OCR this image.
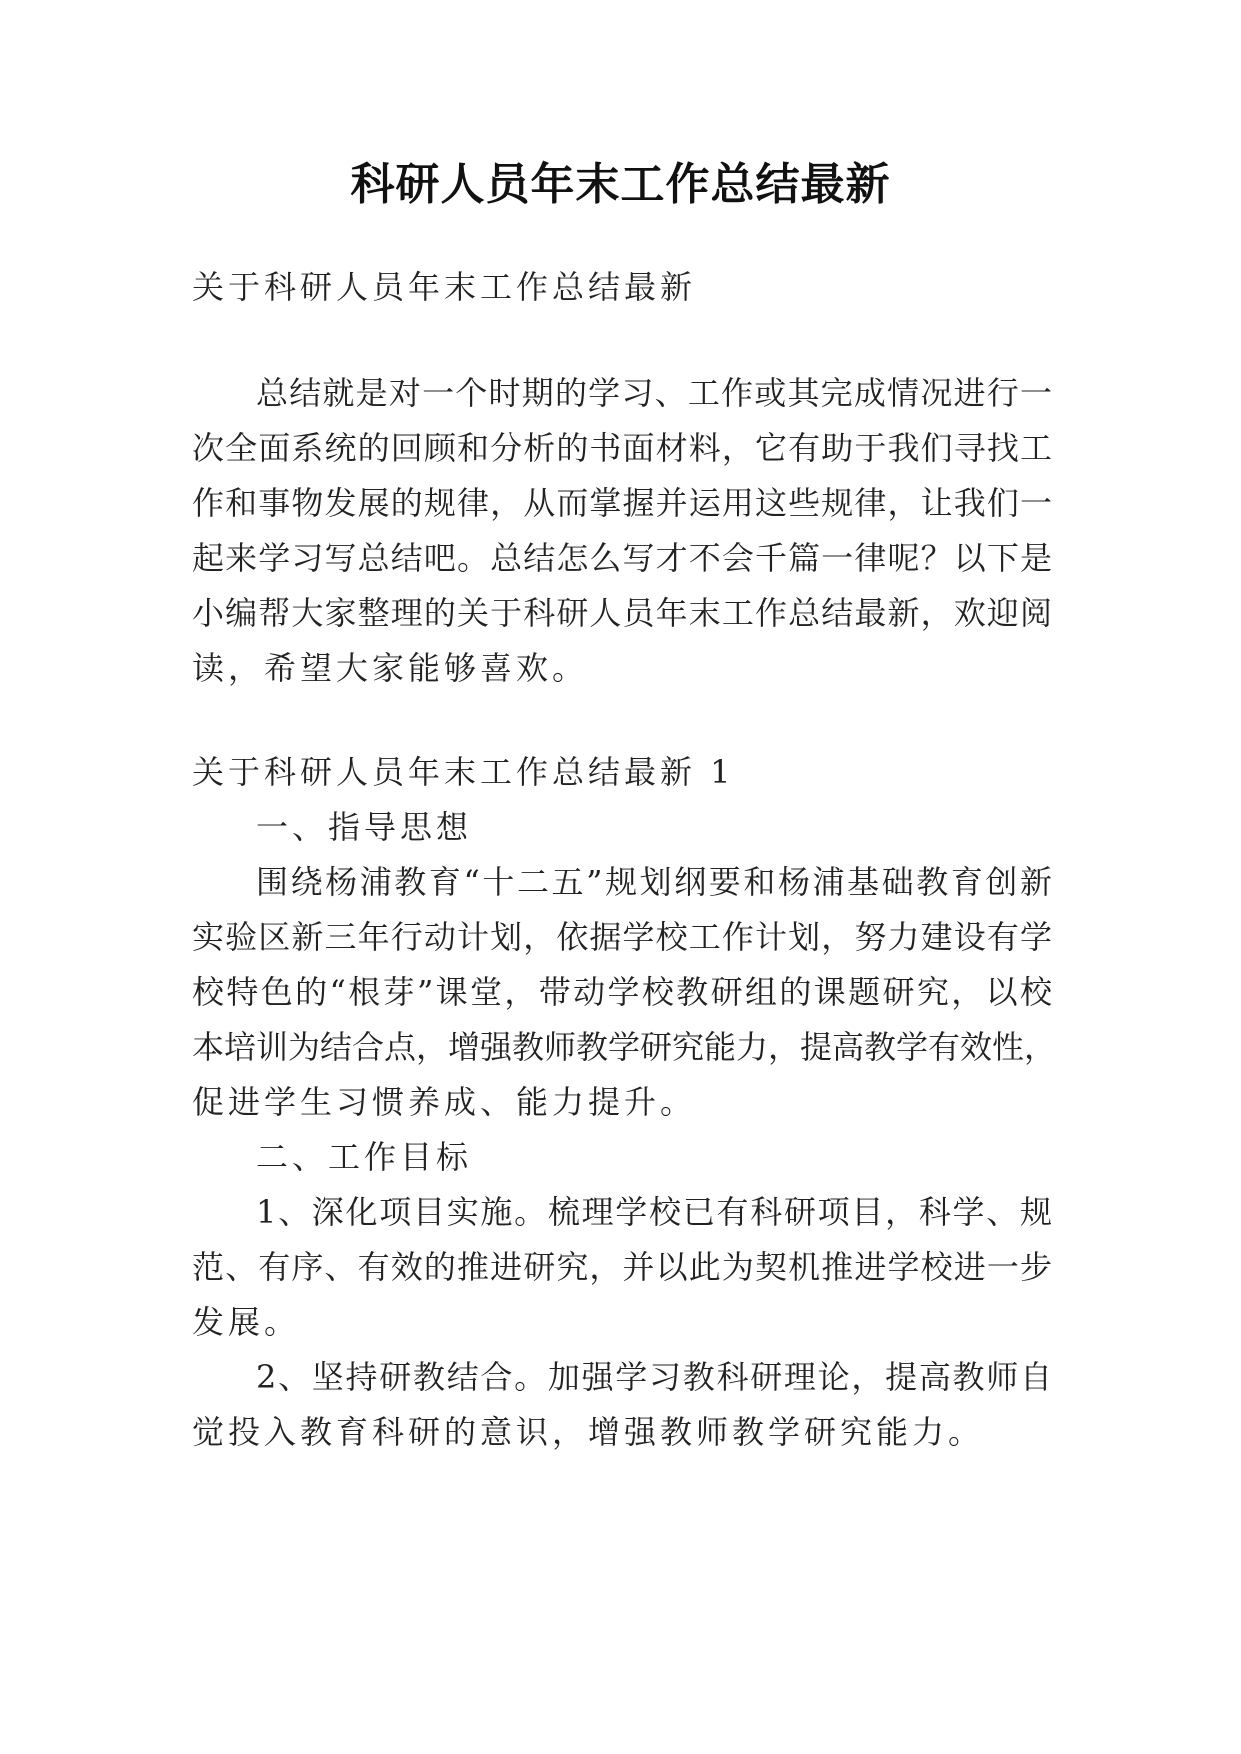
科研人员年末工作总结最新
关于科研人员年末工作总结最新
总结就是对一个时期的学习、工作或其完成情况进行一
次全面系统的回顾和分析的书面材料，它有助于我们寻找工
作和事物发展的规律，从而掌握并运用这些规律，让我们一
起来学习写总结吧。总结怎么写才不会千篇一律呢？以下是
小编帮大家整理的关于科研人员年末工作总结最新，欢迎阅
读，希望大家能够喜欢。
关于科研人员年末工作总结最新 1
一、指导思想
围绕杨浦教育“十二五”规划纲要和杨浦基础教育创新
实验区新三年行动计划，依据学校工作计划，努力建设有学
校特色的“根芽”课堂，带动学校教研组的课题研究，以校
本培训为结合点，增强教师教学研究能力，提高教学有效性，
促进学生习惯养成、能力提升。
二、工作目标
1、深化项目实施。梳理学校已有科研项目，科学、规
范、有序、有效的推进研究，并以此为契机推进学校进一步
发展。
2、坚持研教结合。加强学习教科研理论，提高教师自
觉投入教育科研的意识，增强教师教学研究能力。
